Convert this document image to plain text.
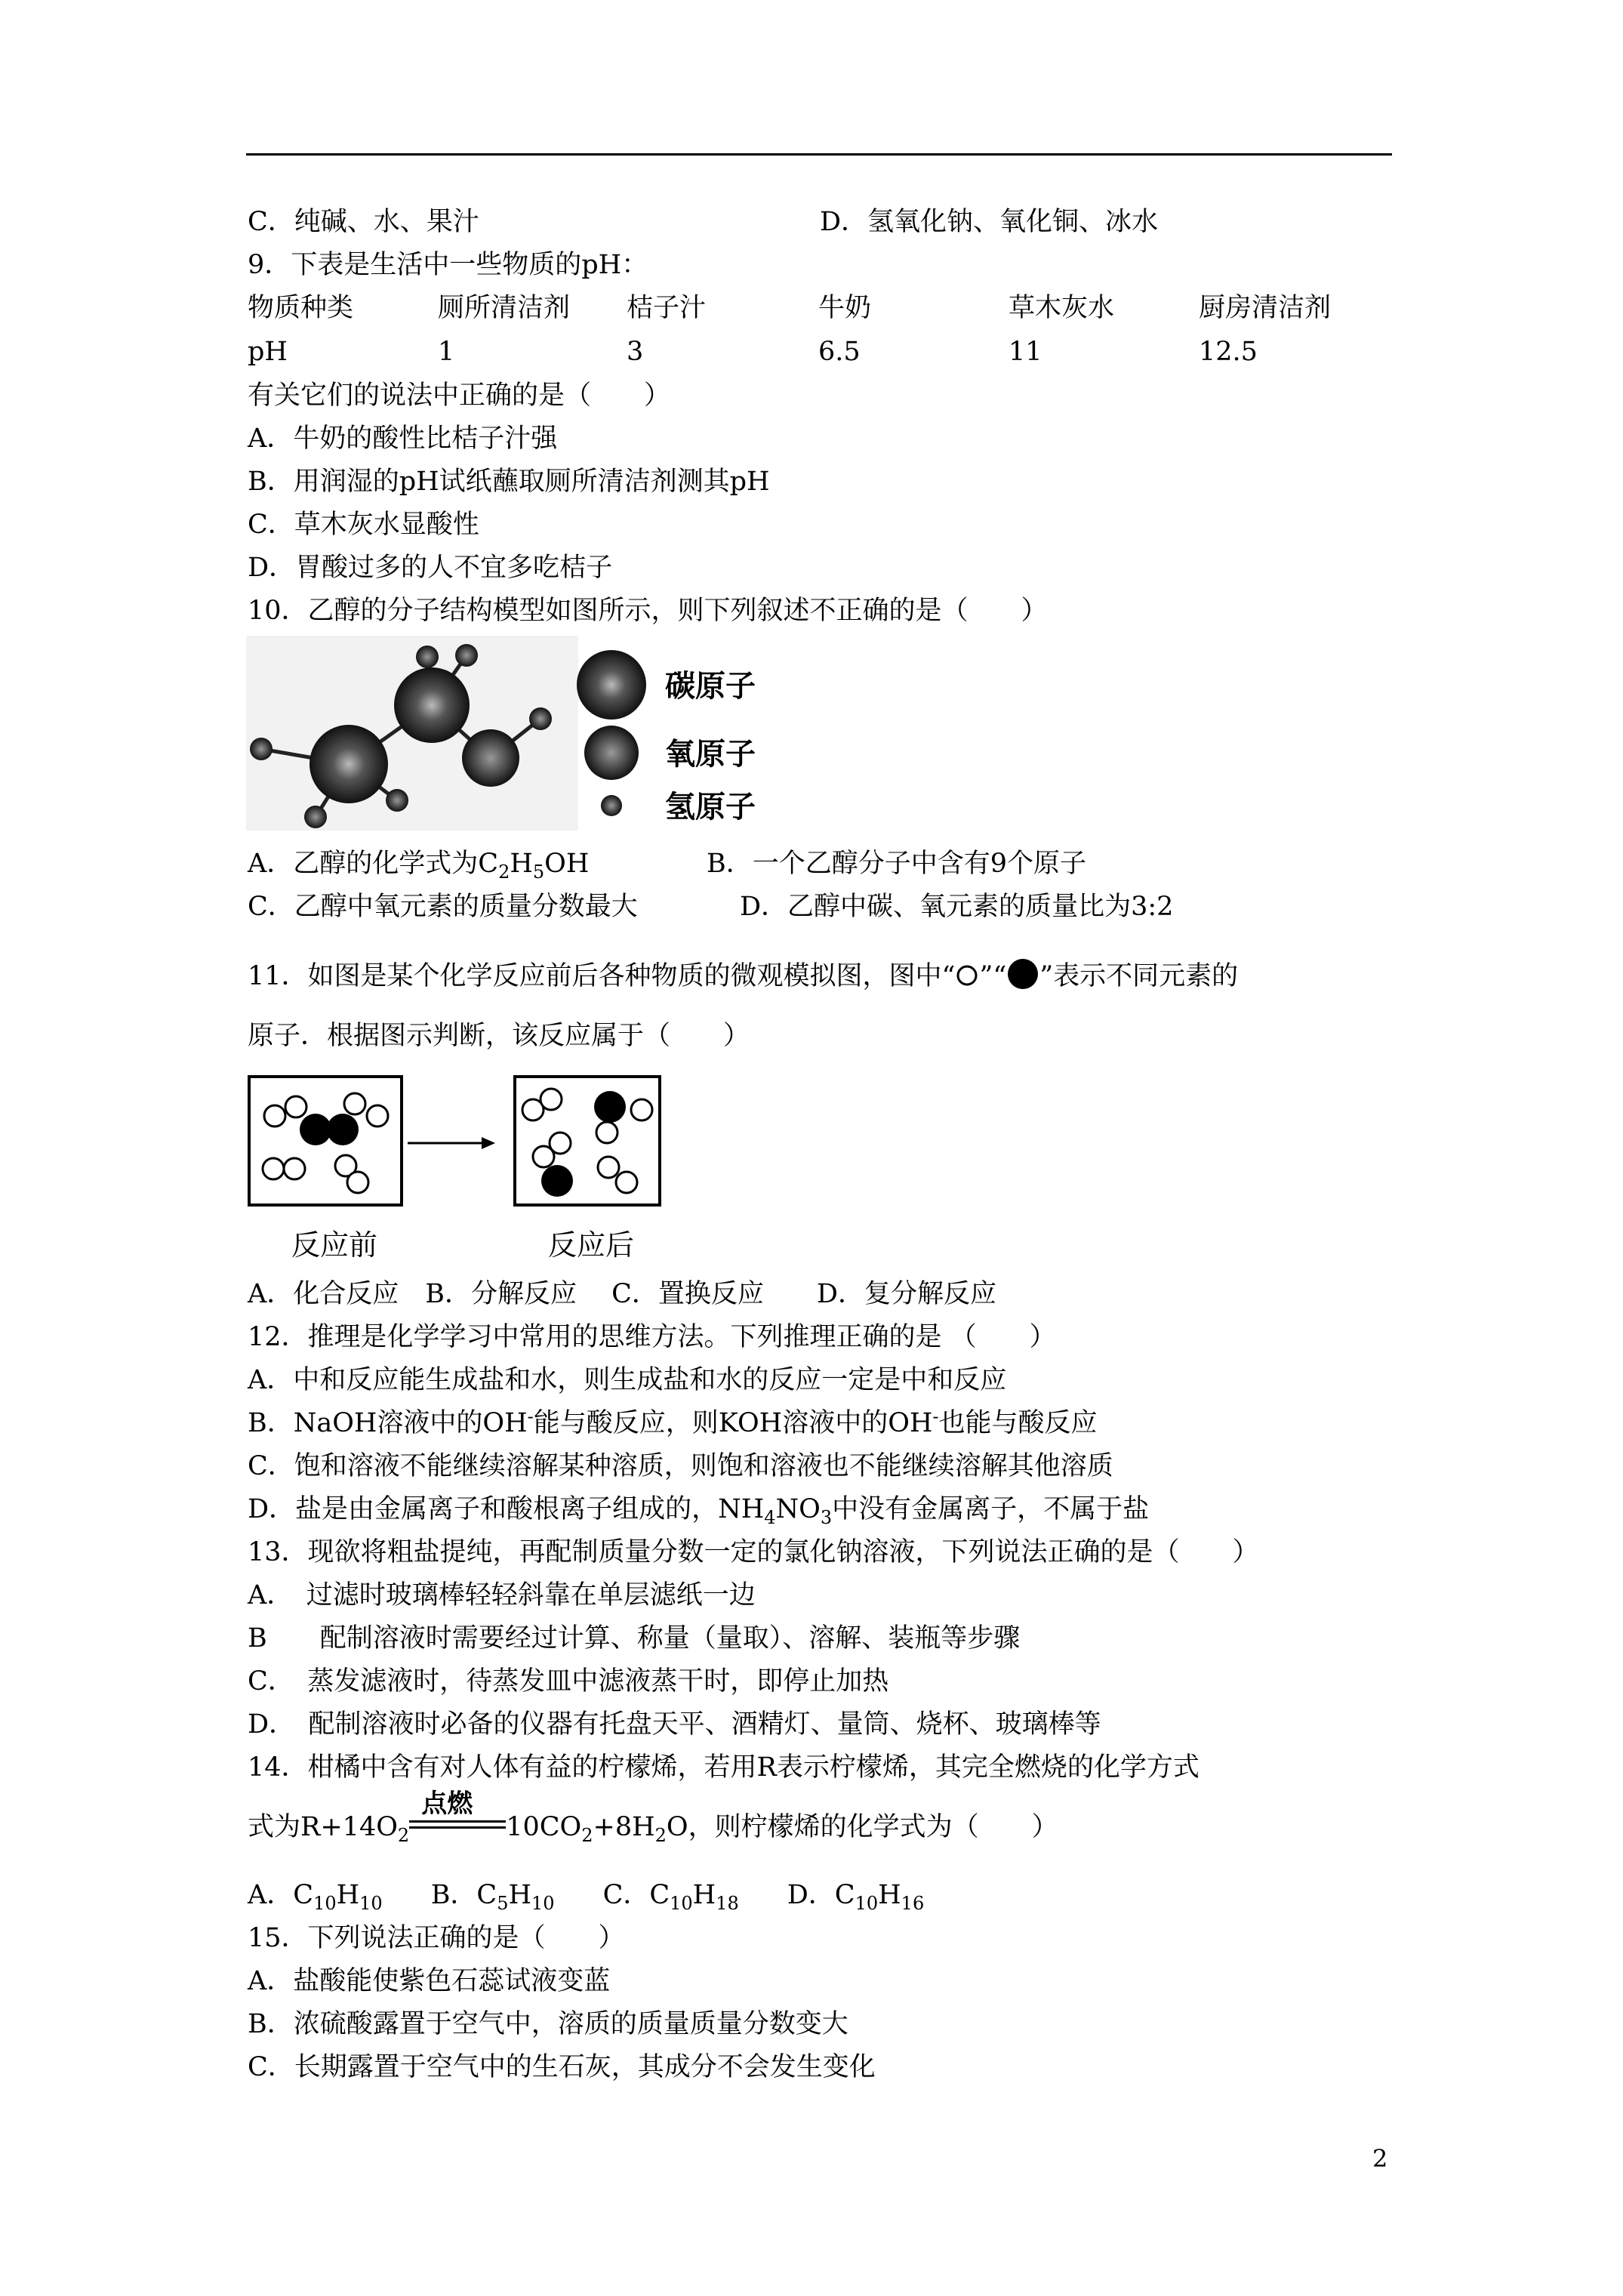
C．纯碱、水、果汁	D．氢氧化钠、氧化铜、冰水
9．下表是生活中一些物质的pH：
物质种类	厕所清洁剂 桔子汁	牛奶	草木灰水	厨房清洁剂
pH	1	3	6.5	11	12.5
有关它们的说法中正确的是（　　）
A．牛奶的酸性比桔子汁强
B．用润湿的pH试纸蘸取厕所清洁剂测其pH
C．草木灰水显酸性
D．胃酸过多的人不宜多吃桔子
10．乙醇的分子结构模型如图所示，则下列叙述不正确的是（　　）
碳原子
氧原子
氢原子
A．乙醇的化学式为$C_2H_5OH$	B．一个乙醇分子中含有9个原子
C．乙醇中氧元素的质量分数最大	D．乙醇中碳、氧元素的质量比为3:2
11．如图是某个化学反应前后各种物质的微观模拟图，图中“ ”“ ”表示不同元素的
原子．根据图示判断，该反应属于（　　）
反应前	反应后
A．化合反应　B．分解反应　 C．置换反应　　D．复分解反应
12．推理是化学学习中常用的思维方法。下列推理正确的是 （　　）
A．中和反应能生成盐和水，则生成盐和水的反应一定是中和反应
B．NaOH溶液中的OH-能与酸反应，则KOH溶液中的OH-也能与酸反应
C．饱和溶液不能继续溶解某种溶质，则饱和溶液也不能继续溶解其他溶质
D．盐是由金属离子和酸根离子组成的，$NH_4NO_3$中没有金属离子，不属于盐
13．现欲将粗盐提纯，再配制质量分数一定的氯化钠溶液，下列说法正确的是（　　）
A．　过滤时玻璃棒轻轻斜靠在单层滤纸一边
B　　配制溶液时需要经过计算、称量（量取）、溶解、装瓶等步骤
C．　蒸发滤液时，待蒸发皿中滤液蒸干时，即停止加热
D．　配制溶液时必备的仪器有托盘天平、酒精灯、量筒、烧杯、玻璃棒等
14．柑橘中含有对人体有益的柠檬烯，若用R表示柠檬烯，其完全燃烧的化学方式
式为$R+14O_2$
点燃
$10CO_2+8H_2O$，则柠檬烯的化学式为（　　）
A．$C_{10}H_{10}$ B．$C_5H_{10}$ C．$C_{10}H_{18}$ D．$C_{10}H_{16}$
15．下列说法正确的是（　　）
A．盐酸能使紫色石蕊试液变蓝
B．浓硫酸露置于空气中，溶质的质量质量分数变大
C．长期露置于空气中的生石灰，其成分不会发生变化
2
